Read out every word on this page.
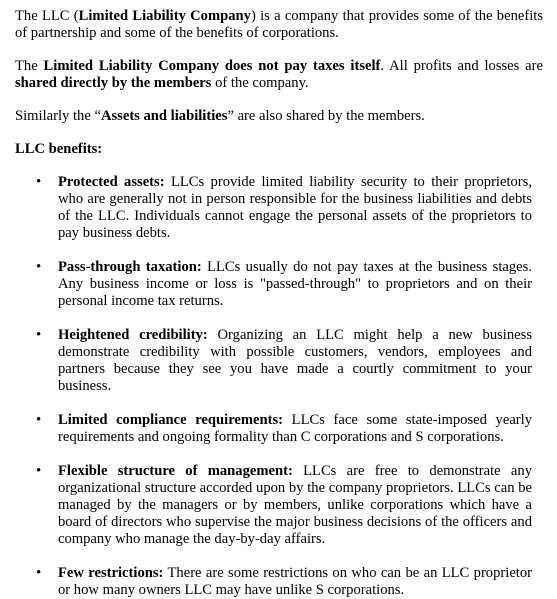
The LLC (Limited Liability Company) is a company that provides some of the benefits of partnership and some of the benefits of corporations.

The Limited Liability Company does not pay taxes itself. All profits and losses are shared directly by the members of the company.

Similarly the “Assets and liabilities” are also shared by the members.

LLC benefits:

• Protected assets: LLCs provide limited liability security to their proprietors, who are generally not in person responsible for the business liabilities and debts of the LLC. Individuals cannot engage the personal assets of the proprietors to pay business debts.
• Pass-through taxation: LLCs usually do not pay taxes at the business stages. Any business income or loss is "passed-through" to proprietors and on their personal income tax returns.
• Heightened credibility: Organizing an LLC might help a new business demonstrate credibility with possible customers, vendors, employees and partners because they see you have made a courtly commitment to your business.
• Limited compliance requirements: LLCs face some state-imposed yearly requirements and ongoing formality than C corporations and S corporations.
• Flexible structure of management: LLCs are free to demonstrate any organizational structure accorded upon by the company proprietors. LLCs can be managed by the managers or by members, unlike corporations which have a board of directors who supervise the major business decisions of the officers and company who manage the day-by-day affairs.
• Few restrictions: There are some restrictions on who can be an LLC proprietor or how many owners LLC may have unlike S corporations.
